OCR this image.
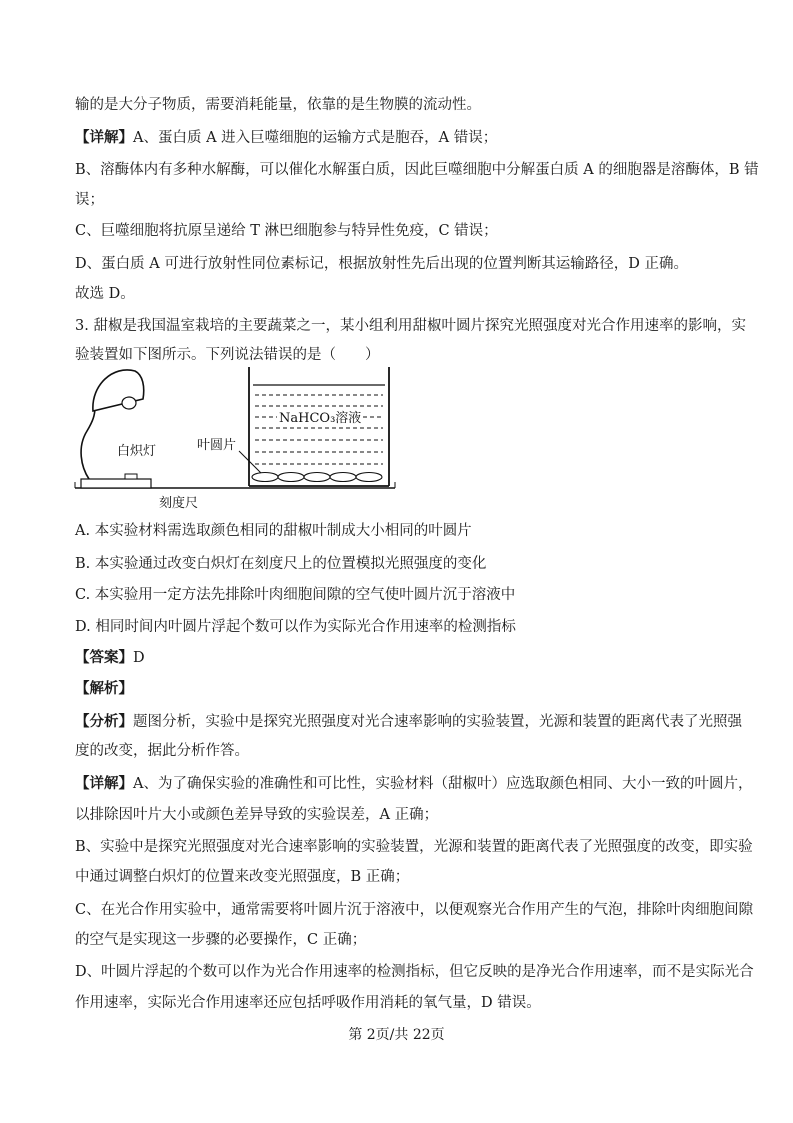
输的是大分子物质，需要消耗能量，依靠的是生物膜的流动性。
【详解】A、蛋白质 A 进入巨噬细胞的运输方式是胞吞，A 错误；
B、溶酶体内有多种水解酶，可以催化水解蛋白质，因此巨噬细胞中分解蛋白质 A 的细胞器是溶酶体，B 错
误；
C、巨噬细胞将抗原呈递给 T 淋巴细胞参与特异性免疫，C 错误；
D、蛋白质 A 可进行放射性同位素标记，根据放射性先后出现的位置判断其运输路径，D 正确。
故选 D。
3. 甜椒是我国温室栽培的主要蔬菜之一，某小组利用甜椒叶圆片探究光照强度对光合作用速率的影响，实
验装置如下图所示。下列说法错误的是（　　）
白炽灯
NaHCO₃溶液
叶圆片
刻度尺
A. 本实验材料需选取颜色相同的甜椒叶制成大小相同的叶圆片
B. 本实验通过改变白炽灯在刻度尺上的位置模拟光照强度的变化
C. 本实验用一定方法先排除叶肉细胞间隙的空气使叶圆片沉于溶液中
D. 相同时间内叶圆片浮起个数可以作为实际光合作用速率的检测指标
【答案】D
【解析】
【分析】题图分析，实验中是探究光照强度对光合速率影响的实验装置，光源和装置的距离代表了光照强
度的改变，据此分析作答。
【详解】A、为了确保实验的准确性和可比性，实验材料（甜椒叶）应选取颜色相同、大小一致的叶圆片，
以排除因叶片大小或颜色差异导致的实验误差，A 正确；
B、实验中是探究光照强度对光合速率影响的实验装置，光源和装置的距离代表了光照强度的改变，即实验
中通过调整白炽灯的位置来改变光照强度，B 正确；
C、在光合作用实验中，通常需要将叶圆片沉于溶液中，以便观察光合作用产生的气泡，排除叶肉细胞间隙
的空气是实现这一步骤的必要操作，C 正确；
D、叶圆片浮起的个数可以作为光合作用速率的检测指标，但它反映的是净光合作用速率，而不是实际光合
作用速率，实际光合作用速率还应包括呼吸作用消耗的氧气量，D 错误。
第 2页/共 22页
